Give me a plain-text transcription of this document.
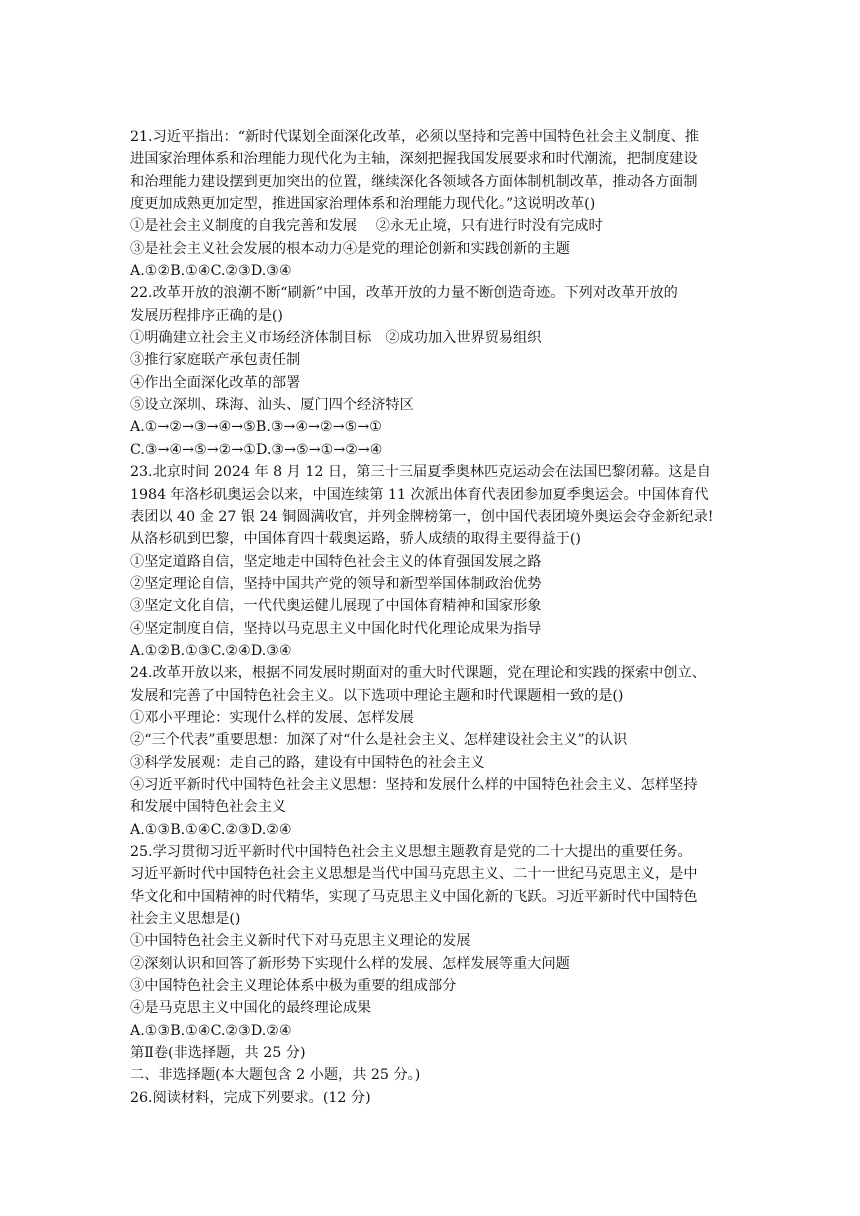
21.习近平指出：“新时代谋划全面深化改革，必须以坚持和完善中国特色社会主义制度、推
进国家治理体系和治理能力现代化为主轴，深刻把握我国发展要求和时代潮流，把制度建设
和治理能力建设摆到更加突出的位置，继续深化各领域各方面体制机制改革，推动各方面制
度更加成熟更加定型，推进国家治理体系和治理能力现代化。”这说明改革()
①是社会主义制度的自我完善和发展　 ②永无止境，只有进行时没有完成时
③是社会主义社会发展的根本动力④是党的理论创新和实践创新的主题
A.①②B.①④C.②③D.③④
22.改革开放的浪潮不断“刷新”中国，改革开放的力量不断创造奇迹。下列对改革开放的
发展历程排序正确的是()
①明确建立社会主义市场经济体制目标　②成功加入世界贸易组织
③推行家庭联产承包责任制
④作出全面深化改革的部署
⑤设立深圳、珠海、汕头、厦门四个经济特区
A.①→②→③→④→⑤B.③→④→②→⑤→①
C.③→④→⑤→②→①D.③→⑤→①→②→④
23.北京时间 2024 年 8 月 12 日，第三十三届夏季奥林匹克运动会在法国巴黎闭幕。这是自
1984 年洛杉矶奥运会以来，中国连续第 11 次派出体育代表团参加夏季奥运会。中国体育代
表团以 40 金 27 银 24 铜圆满收官，并列金牌榜第一，创中国代表团境外奥运会夺金新纪录!
从洛杉矶到巴黎，中国体育四十载奥运路，骄人成绩的取得主要得益于()
①坚定道路自信，坚定地走中国特色社会主义的体育强国发展之路
②坚定理论自信，坚持中国共产党的领导和新型举国体制政治优势
③坚定文化自信，一代代奥运健儿展现了中国体育精神和国家形象
④坚定制度自信，坚持以马克思主义中国化时代化理论成果为指导
A.①②B.①③C.②④D.③④
24.改革开放以来，根据不同发展时期面对的重大时代课题，党在理论和实践的探索中创立、
发展和完善了中国特色社会主义。以下选项中理论主题和时代课题相一致的是()
①邓小平理论：实现什么样的发展、怎样发展
②“三个代表”重要思想：加深了对“什么是社会主义、怎样建设社会主义”的认识
③科学发展观：走自己的路，建设有中国特色的社会主义
④习近平新时代中国特色社会主义思想：坚持和发展什么样的中国特色社会主义、怎样坚持
和发展中国特色社会主义
A.①③B.①④C.②③D.②④
25.学习贯彻习近平新时代中国特色社会主义思想主题教育是党的二十大提出的重要任务。
习近平新时代中国特色社会主义思想是当代中国马克思主义、二十一世纪马克思主义，是中
华文化和中国精神的时代精华，实现了马克思主义中国化新的飞跃。习近平新时代中国特色
社会主义思想是()
①中国特色社会主义新时代下对马克思主义理论的发展
②深刻认识和回答了新形势下实现什么样的发展、怎样发展等重大问题
③中国特色社会主义理论体系中极为重要的组成部分
④是马克思主义中国化的最终理论成果
A.①③B.①④C.②③D.②④
第Ⅱ卷(非选择题，共 25 分)
二、非选择题(本大题包含 2 小题，共 25 分。)
26.阅读材料，完成下列要求。(12 分)
